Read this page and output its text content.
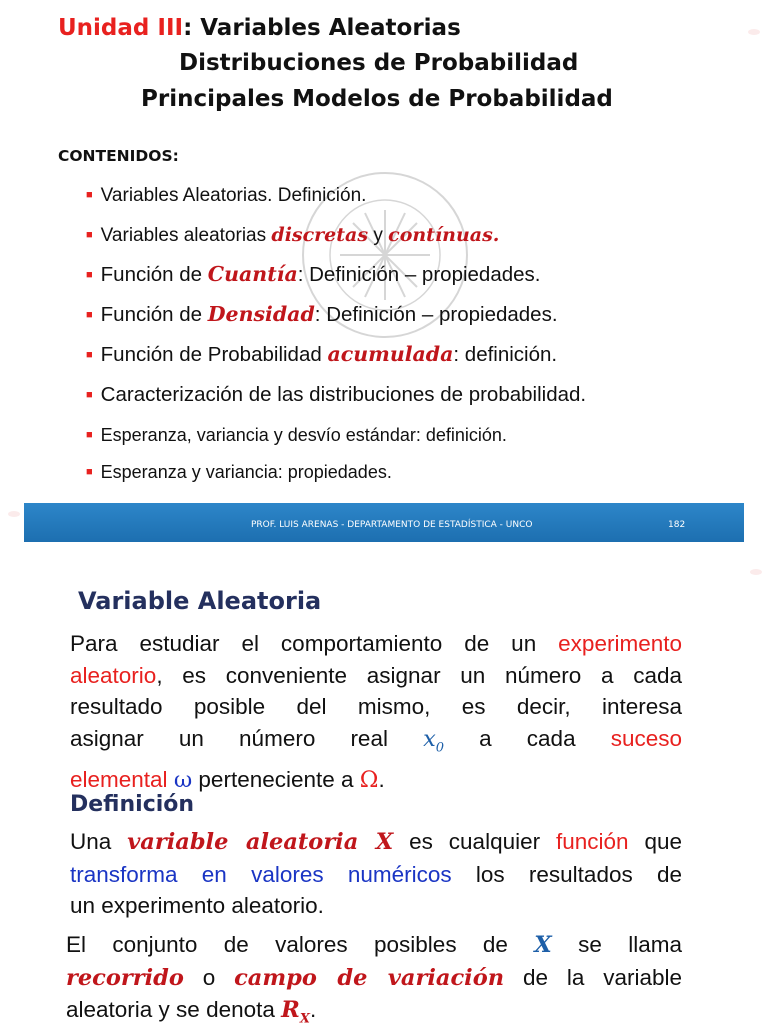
Unidad III: Variables Aleatorias
Distribuciones de Probabilidad
Principales Modelos de Probabilidad
CONTENIDOS:
■ Variables Aleatorias. Definición.
■ Variables aleatorias discretas y contínuas.
■ Función de Cuantía: Definición – propiedades.
■ Función de Densidad: Definición – propiedades.
■ Función de Probabilidad acumulada: definición.
■ Caracterización de las distribuciones de probabilidad.
■ Esperanza, variancia y desvío estándar: definición.
■ Esperanza y variancia: propiedades.
PROF. LUIS ARENAS - DEPARTAMENTO DE ESTADÍSTICA - UNCO	182
Variable Aleatoria
Para estudiar el comportamiento de un experimento
aleatorio, es conveniente asignar un número a cada
resultado posible del mismo, es decir, interesa
asignar un número real $x_0$ a cada suceso
elemental ω perteneciente a Ω.
Definición
Una variable aleatoria X es cualquier función que
transforma en valores numéricos los resultados de
un experimento aleatorio.
El conjunto de valores posibles de X se llama
recorrido o campo de variación de la variable
aleatoria y se denota $R_X$.
